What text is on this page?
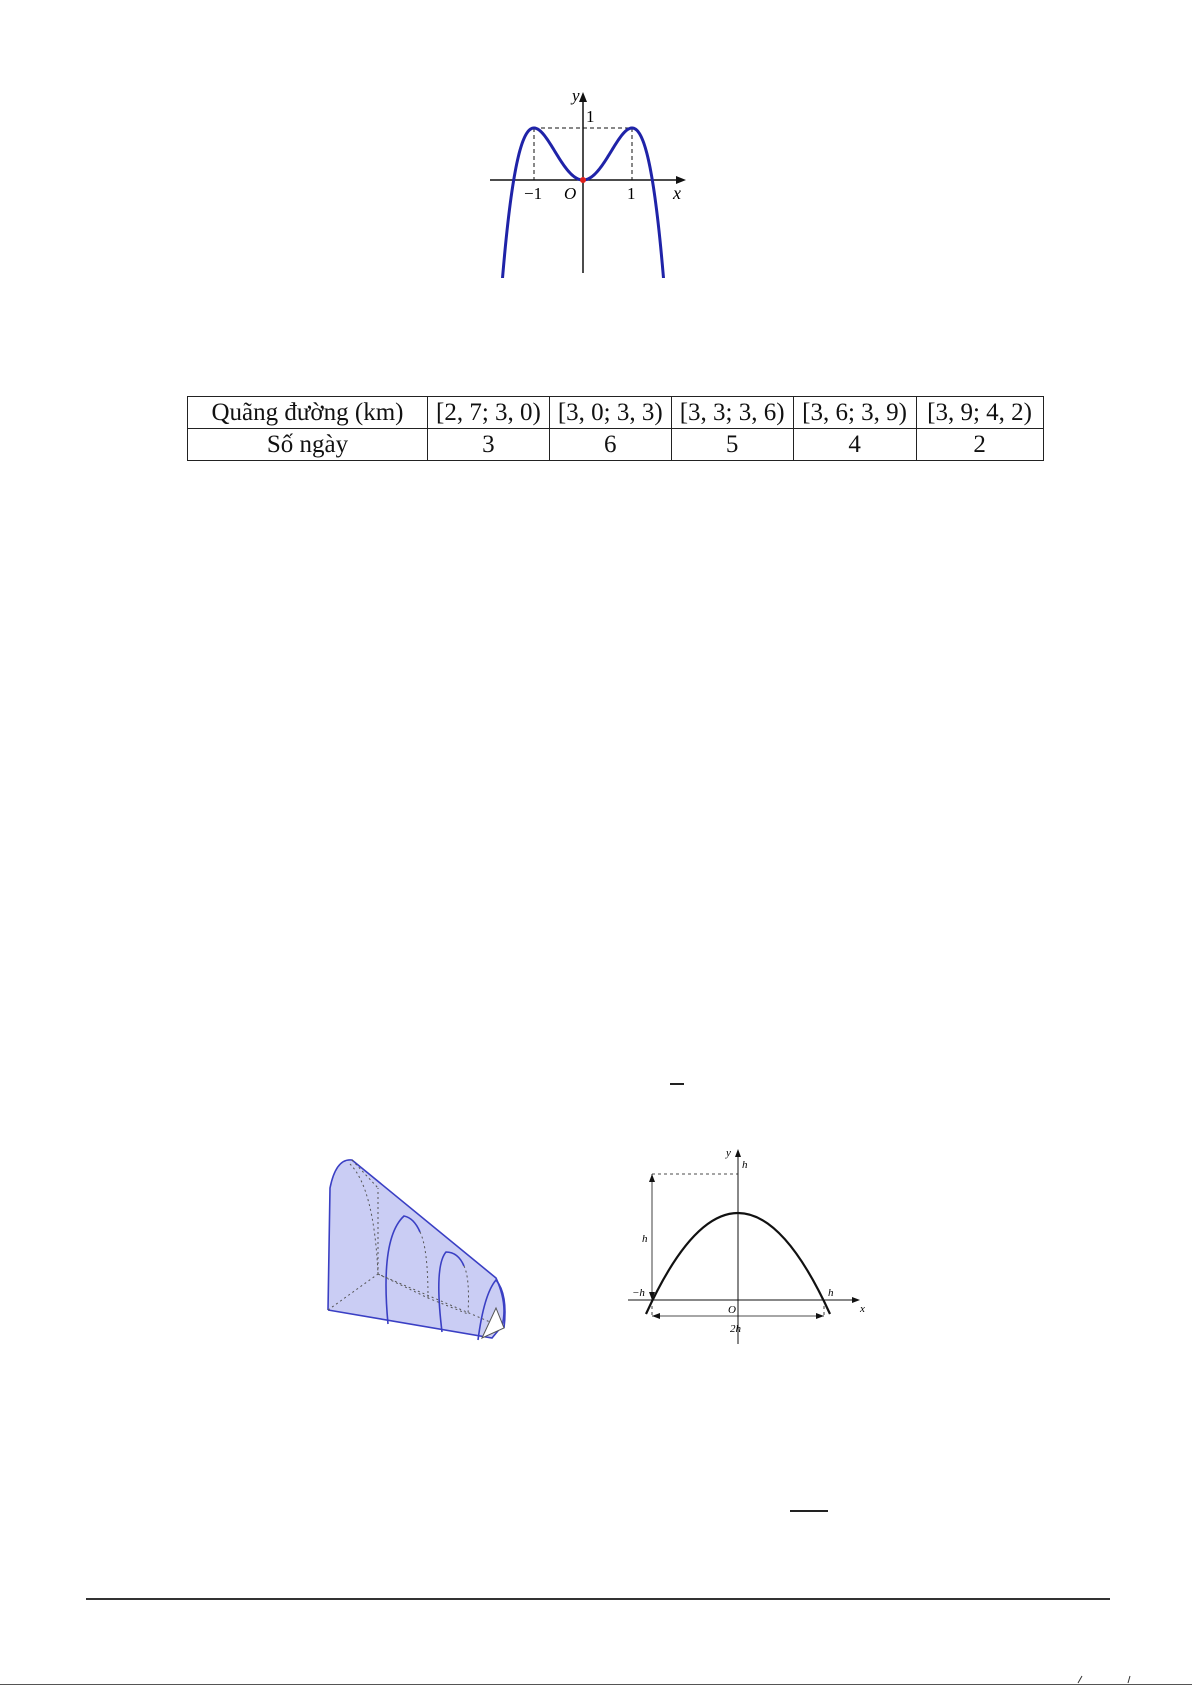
y
1
−1 O	1 x
Quãng đường (km)	[2, 7; 3, 0)	[3, 0; 3, 3)	[3, 3; 3, 6)	[3, 6; 3, 9)	[3, 9; 4, 2)
Số ngày	3	6	5	4	2
y
h
h
−h	h
O	x
2h
